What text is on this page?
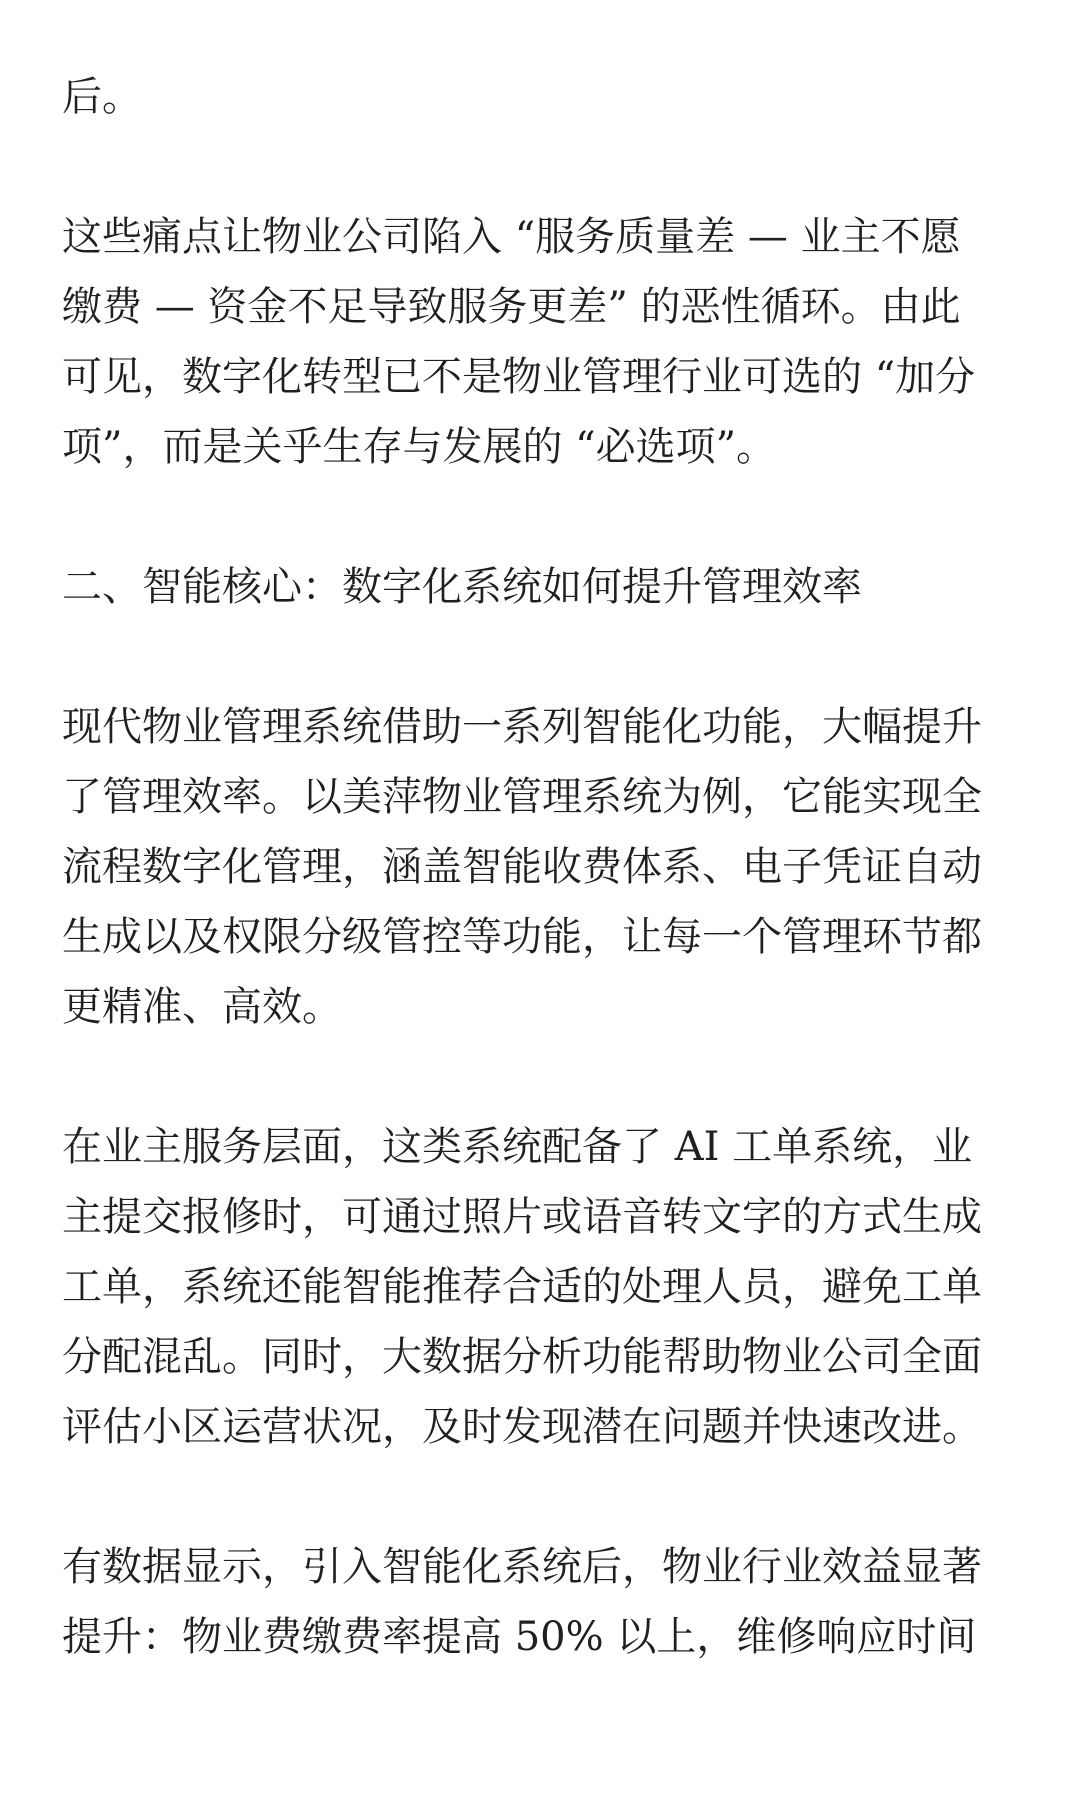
后。

这些痛点让物业公司陷入 “服务质量差 — 业主不愿
缴费 — 资金不足导致服务更差” 的恶性循环。由此
可见，数字化转型已不是物业管理行业可选的 “加分
项”，而是关乎生存与发展的 “必选项”。

二、智能核心：数字化系统如何提升管理效率

现代物业管理系统借助一系列智能化功能，大幅提升
了管理效率。以美萍物业管理系统为例，它能实现全
流程数字化管理，涵盖智能收费体系、电子凭证自动
生成以及权限分级管控等功能，让每一个管理环节都
更精准、高效。

在业主服务层面，这类系统配备了 AI 工单系统，业
主提交报修时，可通过照片或语音转文字的方式生成
工单，系统还能智能推荐合适的处理人员，避免工单
分配混乱。同时，大数据分析功能帮助物业公司全面
评估小区运营状况，及时发现潜在问题并快速改进。

有数据显示，引入智能化系统后，物业行业效益显著
提升：物业费缴费率提高 50% 以上，维修响应时间
